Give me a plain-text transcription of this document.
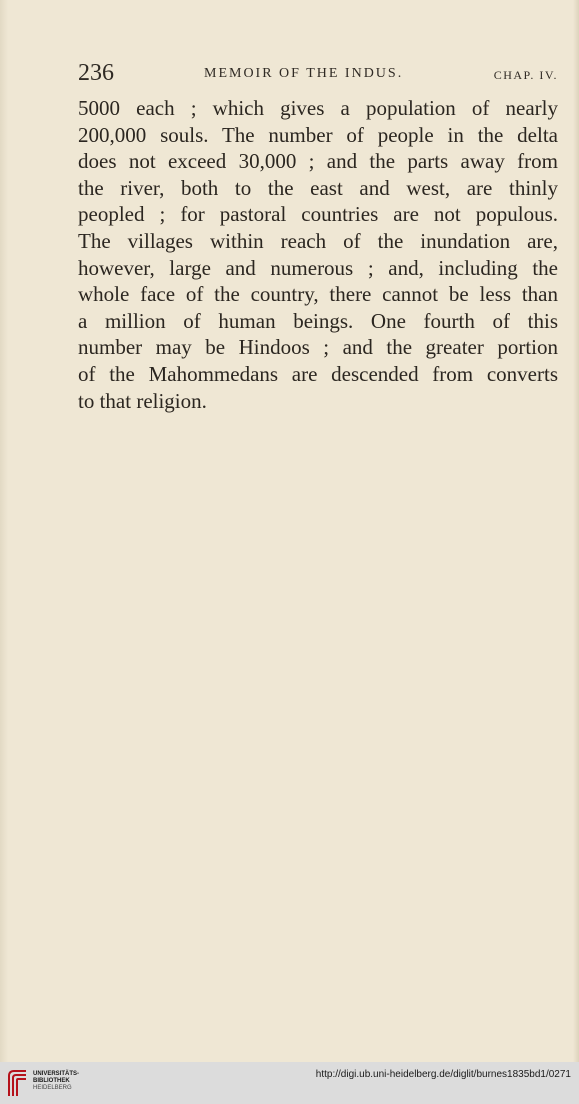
236	MEMOIR OF THE INDUS.	CHAP. IV.
5000 each ; which gives a population of nearly
200,000 souls. The number of people in the delta
does not exceed 30,000 ; and the parts away from
the river, both to the east and west, are thinly
peopled ; for pastoral countries are not populous.
The villages within reach of the inundation are,
however, large and numerous ; and, including the
whole face of the country, there cannot be less than
a million of human beings. One fourth of this
number may be Hindoos ; and the greater portion
of the Mahommedans are descended from converts
to that religion.
UNIVERSITÄTS-
BIBLIOTHEK
HEIDELBERG
http://digi.ub.uni-heidelberg.de/diglit/burnes1835bd1/0271
